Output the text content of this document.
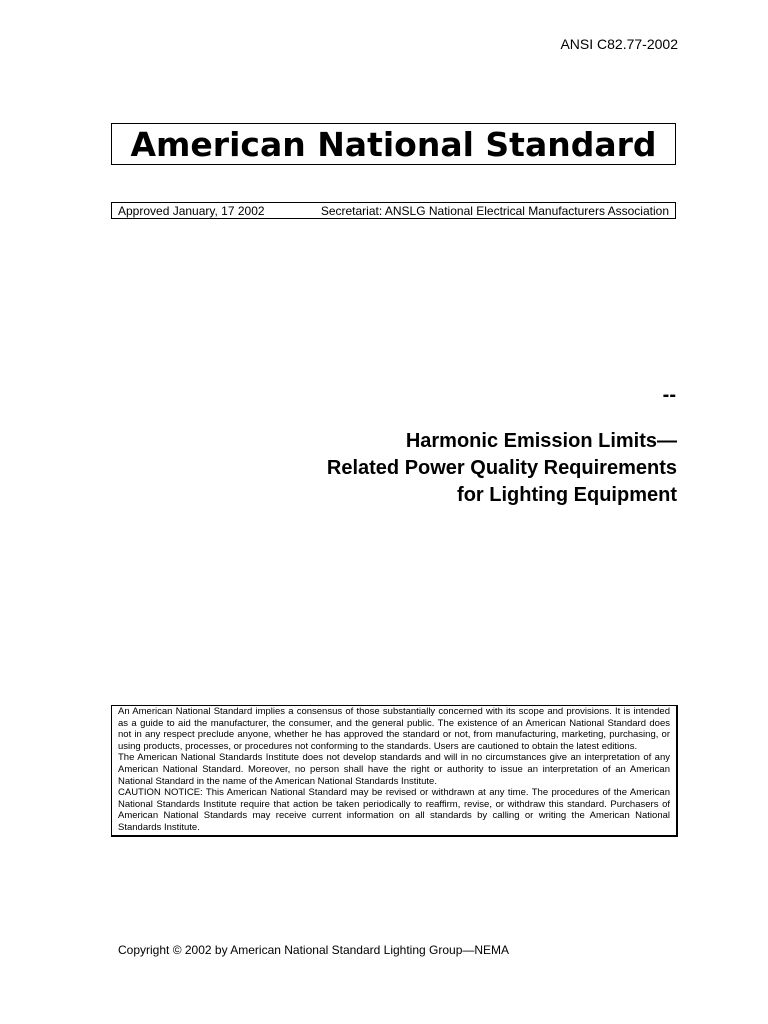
ANSI C82.77-2002
American National Standard
Approved January, 17 2002	Secretariat: ANSLG National Electrical Manufacturers Association
--
Harmonic Emission Limits—
Related Power Quality Requirements
for Lighting Equipment

An American National Standard implies a consensus of those substantially concerned with its scope and provisions. It is intended as a guide to aid the manufacturer, the consumer, and the general public. The existence of an American National Standard does not in any respect preclude anyone, whether he has approved the standard or not, from manufacturing, marketing, purchasing, or using products, processes, or procedures not conforming to the standards. Users are cautioned to obtain the latest editions.

The American National Standards Institute does not develop standards and will in no circumstances give an interpretation of any American National Standard. Moreover, no person shall have the right or authority to issue an interpretation of an American National Standard in the name of the American National Standards Institute.

CAUTION NOTICE: This American National Standard may be revised or withdrawn at any time. The procedures of the American National Standards Institute require that action be taken periodically to reaffirm, revise, or withdraw this standard. Purchasers of American National Standards may receive current information on all standards by calling or writing the American National Standards Institute.

Copyright © 2002 by American National Standard Lighting Group—NEMA
